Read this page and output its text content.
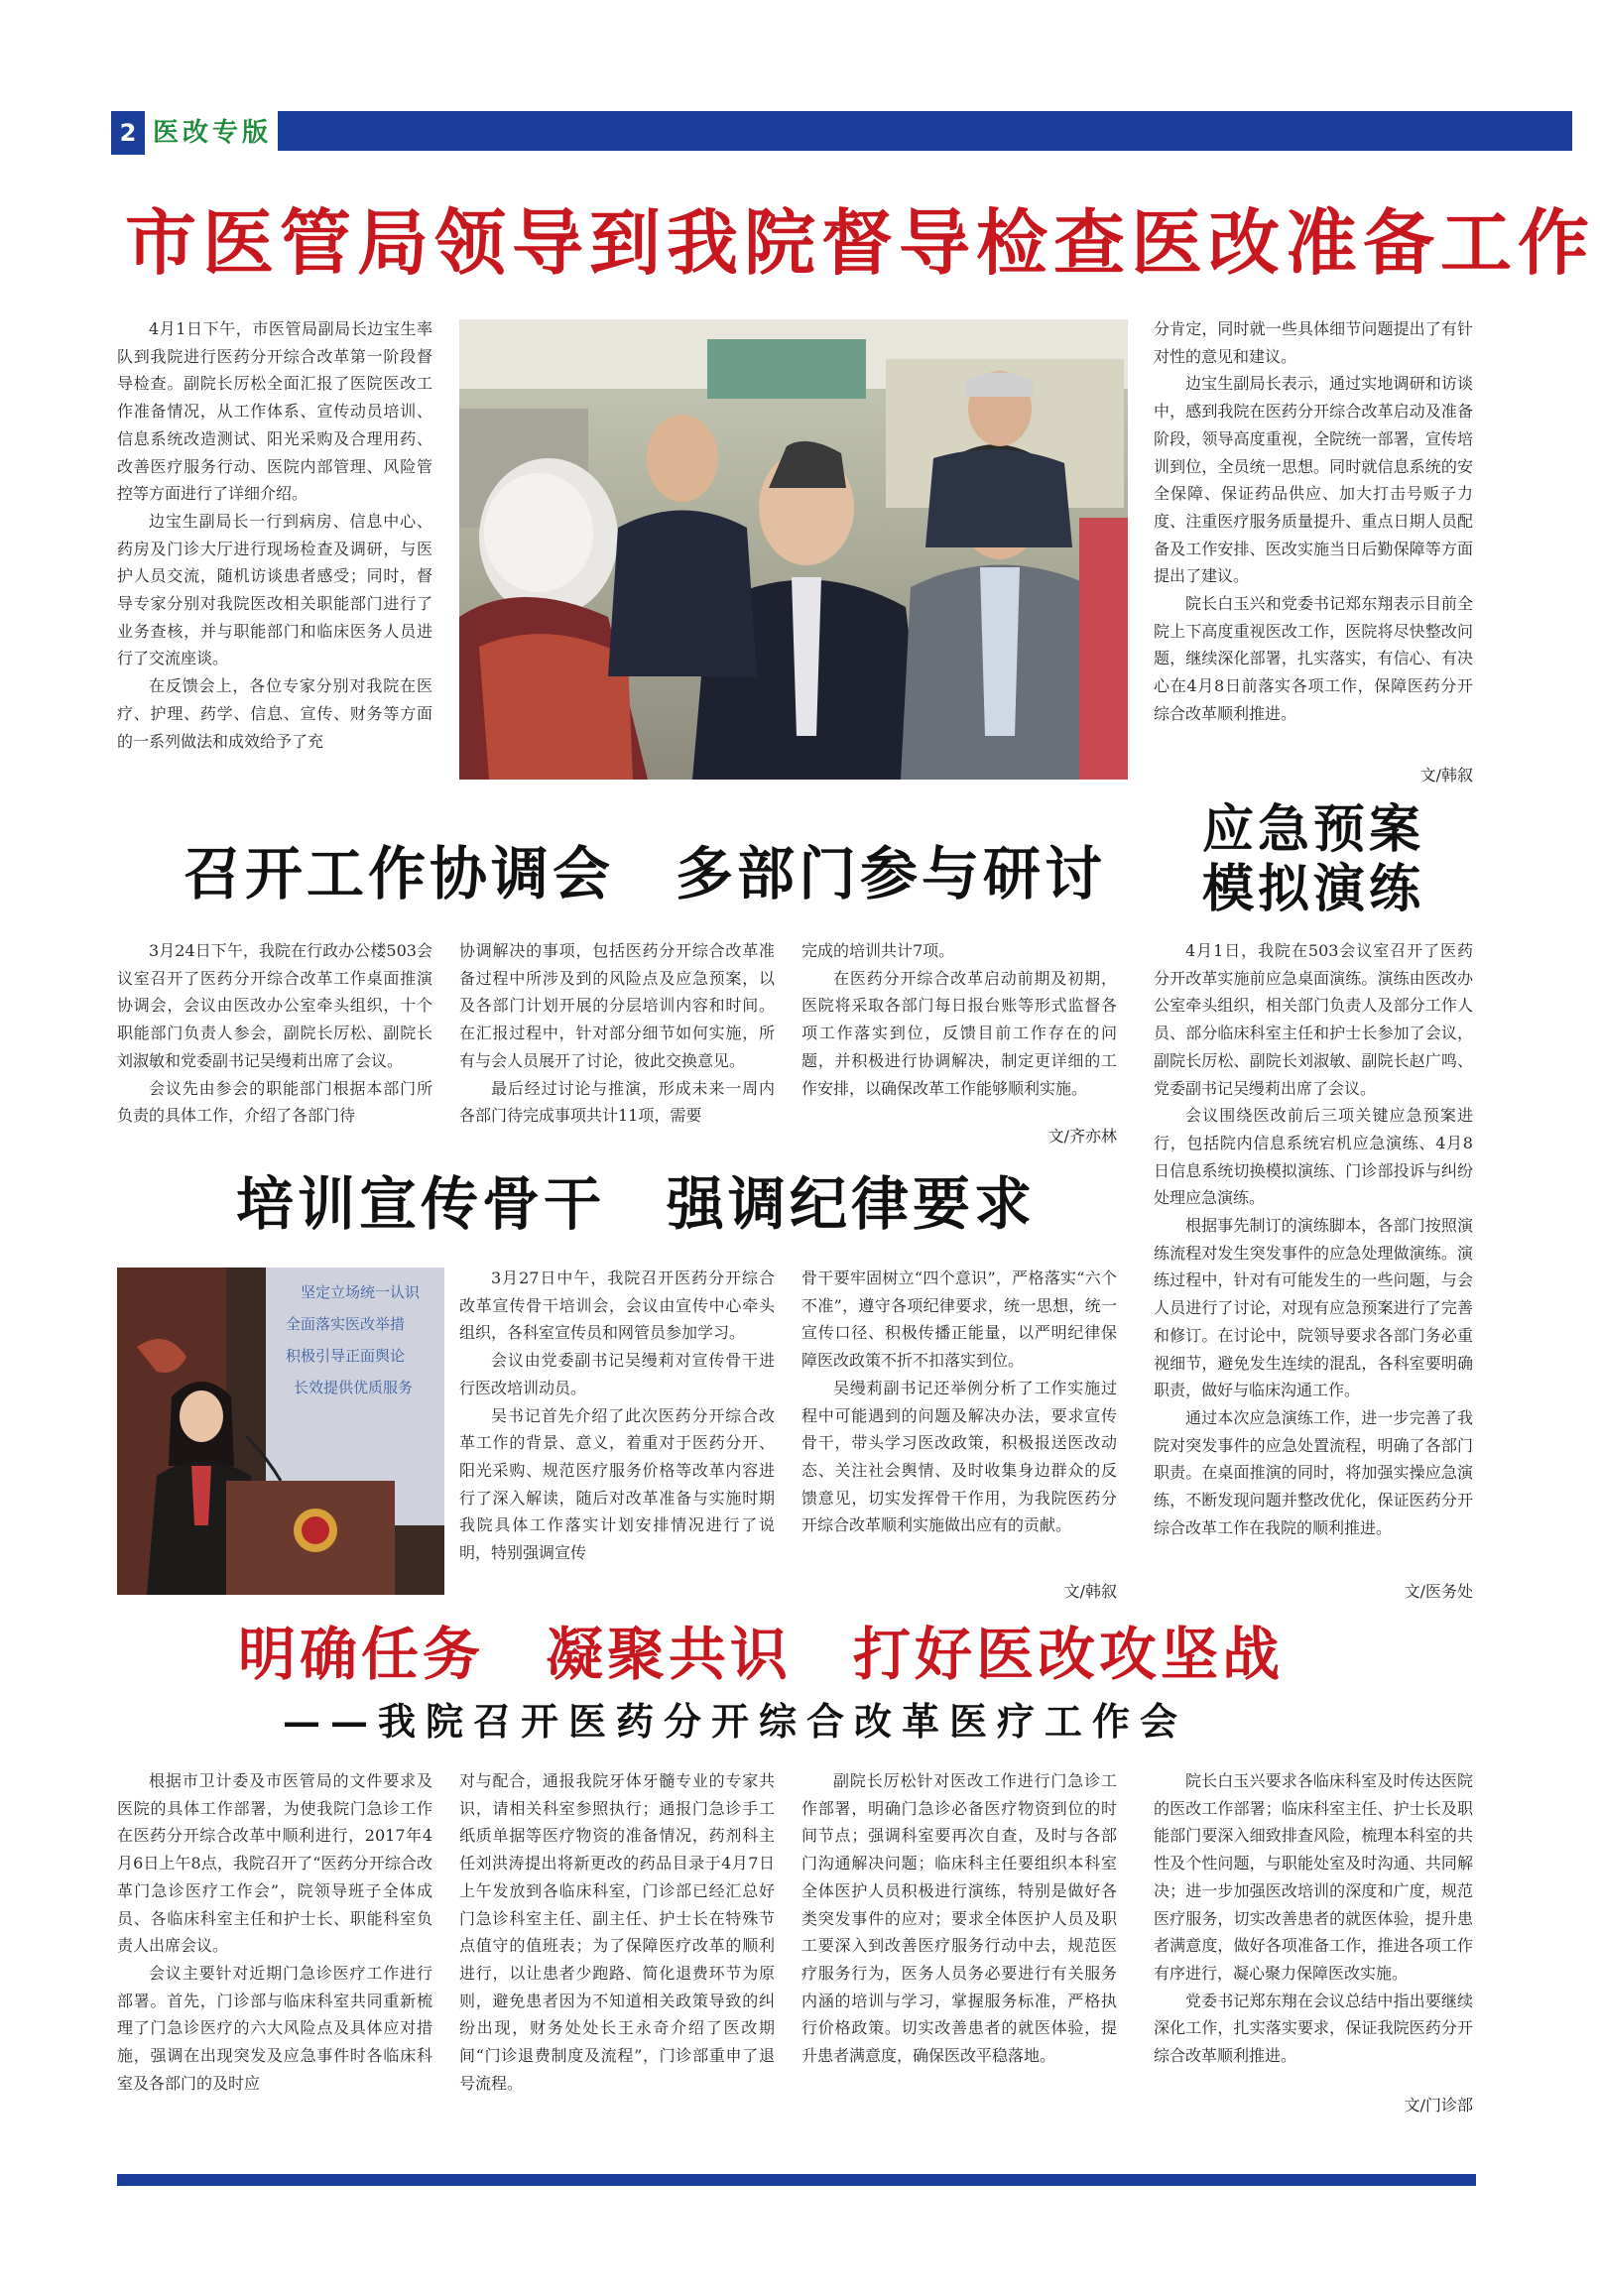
2 医改专版
市医管局领导到我院督导检查医改准备工作

4月1日下午，市医管局副局长边宝生率队到我院进行医药分开综合改革第一阶段督导检查。副院长厉松全面汇报了医院医改工作准备情况，从工作体系、宣传动员培训、信息系统改造测试、阳光采购及合理用药、改善医疗服务行动、医院内部管理、风险管控等方面进行了详细介绍。

边宝生副局长一行到病房、信息中心、药房及门诊大厅进行现场检查及调研，与医护人员交流，随机访谈患者感受；同时，督导专家分别对我院医改相关职能部门进行了业务查核，并与职能部门和临床医务人员进行了交流座谈。

在反馈会上，各位专家分别对我院在医疗、护理、药学、信息、宣传、财务等方面的一系列做法和成效给予了充

分肯定，同时就一些具体细节问题提出了有针对性的意见和建议。

边宝生副局长表示，通过实地调研和访谈中，感到我院在医药分开综合改革启动及准备阶段，领导高度重视，全院统一部署，宣传培训到位，全员统一思想。同时就信息系统的安全保障、保证药品供应、加大打击号贩子力度、注重医疗服务质量提升、重点日期人员配备及工作安排、医改实施当日后勤保障等方面提出了建议。

院长白玉兴和党委书记郑东翔表示目前全院上下高度重视医改工作，医院将尽快整改问题，继续深化部署，扎实落实，有信心、有决心在4月8日前落实各项工作，保障医药分开综合改革顺利推进。

文/韩叙
召开工作协调会　多部门参与研讨

3月24日下午，我院在行政办公楼503会议室召开了医药分开综合改革工作桌面推演协调会，会议由医改办公室牵头组织，十个职能部门负责人参会，副院长厉松、副院长刘淑敏和党委副书记吴缦莉出席了会议。

会议先由参会的职能部门根据本部门所负责的具体工作，介绍了各部门待

协调解决的事项，包括医药分开综合改革准备过程中所涉及到的风险点及应急预案，以及各部门计划开展的分层培训内容和时间。在汇报过程中，针对部分细节如何实施，所有与会人员展开了讨论，彼此交换意见。

最后经过讨论与推演，形成未来一周内各部门待完成事项共计11项，需要

完成的培训共计7项。

在医药分开综合改革启动前期及初期，医院将采取各部门每日报台账等形式监督各项工作落实到位，反馈目前工作存在的问题，并积极进行协调解决，制定更详细的工作安排，以确保改革工作能够顺利实施。

文/齐亦林
应急预案
模拟演练

4月1日，我院在503会议室召开了医药分开改革实施前应急桌面演练。演练由医改办公室牵头组织，相关部门负责人及部分工作人员、部分临床科室主任和护士长参加了会议，副院长厉松、副院长刘淑敏、副院长赵广鸣、党委副书记吴缦莉出席了会议。

会议围绕医改前后三项关键应急预案进行，包括院内信息系统宕机应急演练、4月8日信息系统切换模拟演练、门诊部投诉与纠纷处理应急演练。

根据事先制订的演练脚本，各部门按照演练流程对发生突发事件的应急处理做演练。演练过程中，针对有可能发生的一些问题，与会人员进行了讨论，对现有应急预案进行了完善和修订。在讨论中，院领导要求各部门务必重视细节，避免发生连续的混乱，各科室要明确职责，做好与临床沟通工作。

通过本次应急演练工作，进一步完善了我院对突发事件的应急处置流程，明确了各部门职责。在桌面推演的同时，将加强实操应急演练，不断发现问题并整改优化，保证医药分开综合改革工作在我院的顺利推进。

文/医务处
培训宣传骨干　强调纪律要求
坚定立场统一认识
全面落实医改举措
积极引导正面舆论
长效提供优质服务

3月27日中午，我院召开医药分开综合改革宣传骨干培训会，会议由宣传中心牵头组织，各科室宣传员和网管员参加学习。

会议由党委副书记吴缦莉对宣传骨干进行医改培训动员。

吴书记首先介绍了此次医药分开综合改革工作的背景、意义，着重对于医药分开、阳光采购、规范医疗服务价格等改革内容进行了深入解读，随后对改革准备与实施时期我院具体工作落实计划安排情况进行了说明，特别强调宣传

骨干要牢固树立“四个意识”，严格落实“六个不准”，遵守各项纪律要求，统一思想，统一宣传口径、积极传播正能量，以严明纪律保障医改政策不折不扣落实到位。

吴缦莉副书记还举例分析了工作实施过程中可能遇到的问题及解决办法，要求宣传骨干，带头学习医改政策，积极报送医改动态、关注社会舆情、及时收集身边群众的反馈意见，切实发挥骨干作用，为我院医药分开综合改革顺利实施做出应有的贡献。

文/韩叙
明确任务　凝聚共识　打好医改攻坚战
——我院召开医药分开综合改革医疗工作会

根据市卫计委及市医管局的文件要求及医院的具体工作部署，为使我院门急诊工作在医药分开综合改革中顺利进行，2017年4月6日上午8点，我院召开了“医药分开综合改革门急诊医疗工作会”，院领导班子全体成员、各临床科室主任和护士长、职能科室负责人出席会议。

会议主要针对近期门急诊医疗工作进行部署。首先，门诊部与临床科室共同重新梳理了门急诊医疗的六大风险点及具体应对措施，强调在出现突发及应急事件时各临床科室及各部门的及时应

对与配合，通报我院牙体牙髓专业的专家共识，请相关科室参照执行；通报门急诊手工纸质单据等医疗物资的准备情况，药剂科主任刘洪涛提出将新更改的药品目录于4月7日上午发放到各临床科室，门诊部已经汇总好门急诊科室主任、副主任、护士长在特殊节点值守的值班表；为了保障医疗改革的顺利进行，以让患者少跑路、简化退费环节为原则，避免患者因为不知道相关政策导致的纠纷出现，财务处处长王永奇介绍了医改期间“门诊退费制度及流程”，门诊部重申了退号流程。

副院长厉松针对医改工作进行门急诊工作部署，明确门急诊必备医疗物资到位的时间节点；强调科室要再次自查，及时与各部门沟通解决问题；临床科主任要组织本科室全体医护人员积极进行演练，特别是做好各类突发事件的应对；要求全体医护人员及职工要深入到改善医疗服务行动中去，规范医疗服务行为，医务人员务必要进行有关服务内涵的培训与学习，掌握服务标准，严格执行价格政策。切实改善患者的就医体验，提升患者满意度，确保医改平稳落地。

院长白玉兴要求各临床科室及时传达医院的医改工作部署；临床科室主任、护士长及职能部门要深入细致排查风险，梳理本科室的共性及个性问题，与职能处室及时沟通、共同解决；进一步加强医改培训的深度和广度，规范医疗服务，切实改善患者的就医体验，提升患者满意度，做好各项准备工作，推进各项工作有序进行，凝心聚力保障医改实施。

党委书记郑东翔在会议总结中指出要继续深化工作，扎实落实要求，保证我院医药分开综合改革顺利推进。

文/门诊部
